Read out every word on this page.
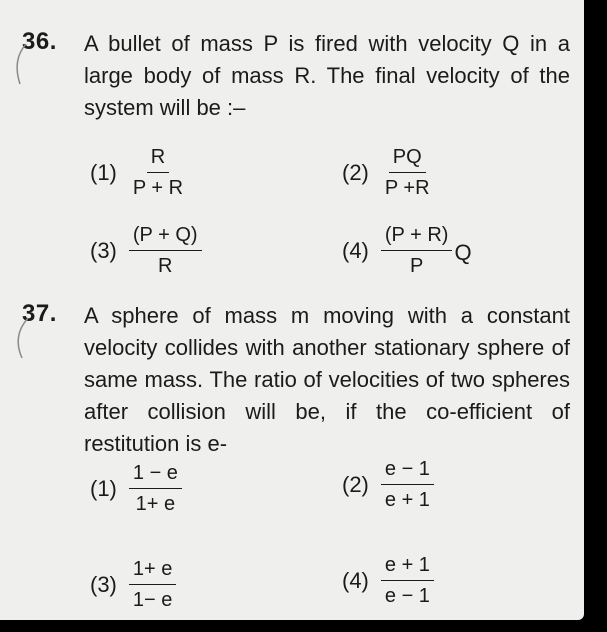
36. A bullet of mass P is fired with velocity Q in a large body of mass R. The final velocity of the system will be :–
$(1) \frac{R}{P + R}$	$(2) \frac{PQ}{P +R}$
$(3) \frac{(P + Q)}{R}$	$(4) \frac{(P + R)}{P}$ Q
37. A sphere of mass m moving with a constant velocity collides with another stationary sphere of same mass. The ratio of velocities of two spheres after collision will be, if the co-efficient of restitution is e-
$(1) \frac{1 - e}{1+ e}$	$(2) \frac{e - 1}{e + 1}$
$(3) \frac{1+ e}{1- e}$	$(4) \frac{e + 1}{e - 1}$
